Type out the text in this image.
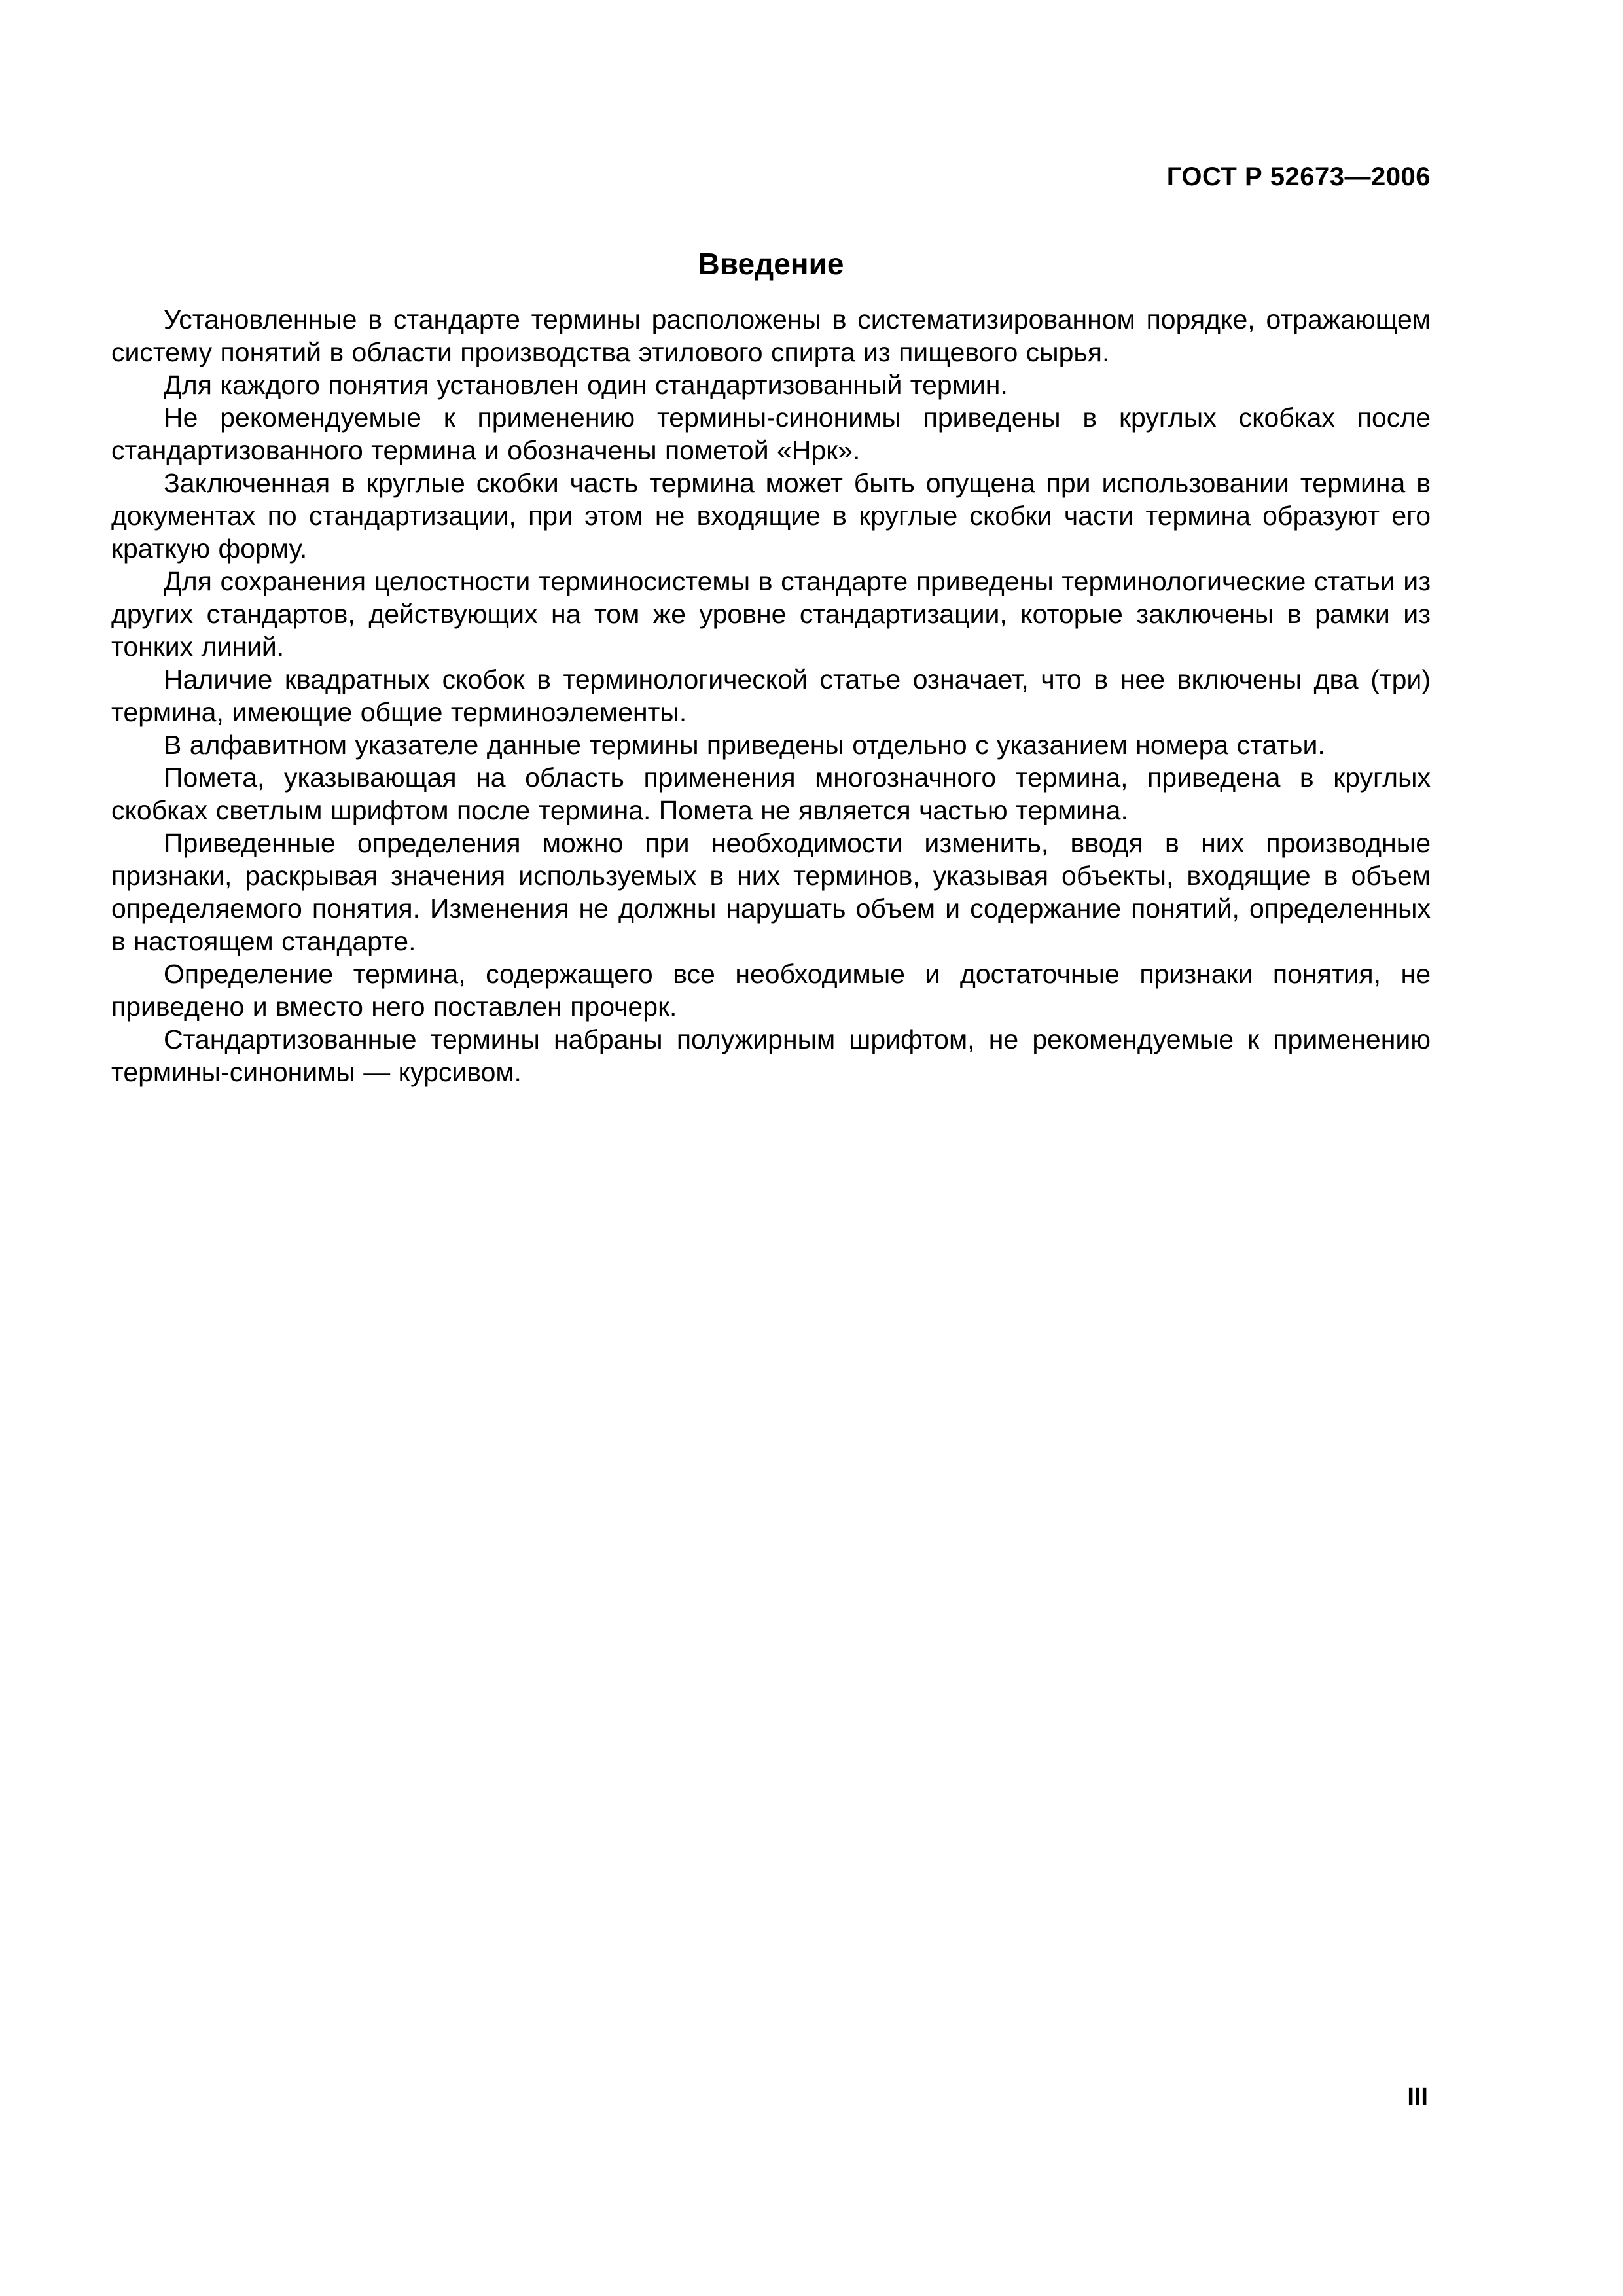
ГОСТ Р 52673—2006
Введение

Установленные в стандарте термины расположены в систематизированном порядке, отражающем систему понятий в области производства этилового спирта из пищевого сырья.

Для каждого понятия установлен один стандартизованный термин.

Не рекомендуемые к применению термины-синонимы приведены в круглых скобках после стандартизованного термина и обозначены пометой «Нрк».

Заключенная в круглые скобки часть термина может быть опущена при использовании термина в документах по стандартизации, при этом не входящие в круглые скобки части термина образуют его краткую форму.

Для сохранения целостности терминосистемы в стандарте приведены терминологические статьи из других стандартов, действующих на том же уровне стандартизации, которые заключены в рамки из тонких линий.

Наличие квадратных скобок в терминологической статье означает, что в нее включены два (три) термина, имеющие общие терминоэлементы.

В алфавитном указателе данные термины приведены отдельно с указанием номера статьи.

Помета, указывающая на область применения многозначного термина, приведена в круглых скобках светлым шрифтом после термина. Помета не является частью термина.

Приведенные определения можно при необходимости изменить, вводя в них производные признаки, раскрывая значения используемых в них терминов, указывая объекты, входящие в объем определяемого понятия. Изменения не должны нарушать объем и содержание понятий, определенных в настоящем стандарте.

Определение термина, содержащего все необходимые и достаточные признаки понятия, не приведено и вместо него поставлен прочерк.

Стандартизованные термины набраны полужирным шрифтом, не рекомендуемые к применению термины-синонимы — курсивом.

III
